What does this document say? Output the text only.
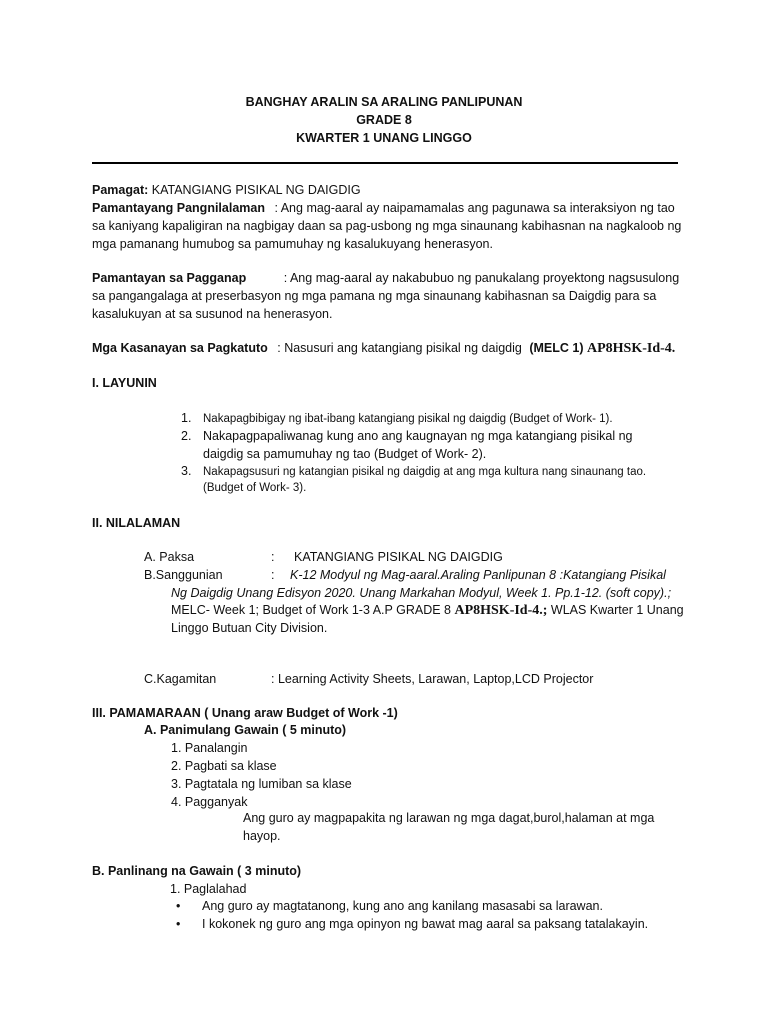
BANGHAY ARALIN SA ARALING PANLIPUNAN
GRADE 8
KWARTER 1 UNANG LINGGO
Pamagat: KATANGIANG PISIKAL NG DAIGDIG
Pamantayang Pangnilalaman : Ang mag-aaral ay naipamamalas ang pagunawa sa interaksiyon ng tao
sa kaniyang kapaligiran na nagbigay daan sa pag-usbong ng mga sinaunang kabihasnan na nagkaloob ng
mga pamanang humubog sa pamumuhay ng kasalukuyang henerasyon.
Pamantayan sa Pagganap	: Ang mag-aaral ay nakabubuo ng panukalang proyektong nagsusulong
sa pangangalaga at preserbasyon ng mga pamana ng mga sinaunang kabihasnan sa Daigdig para sa
kasalukuyan at sa susunod na henerasyon.
Mga Kasanayan sa Pagkatuto : Nasusuri ang katangiang pisikal ng daigdig (MELC 1) AP8HSK-Id-4.
I. LAYUNIN
1. Nakapagbibigay ng ibat-ibang katangiang pisikal ng daigdig (Budget of Work- 1).
2. Nakapagpapaliwanag kung ano ang kaugnayan ng mga katangiang pisikal ng
daigdig sa pamumuhay ng tao (Budget of Work- 2).
3. Nakapagsusuri ng katangian pisikal ng daigdig at ang mga kultura nang sinaunang tao.
(Budget of Work- 3).
II. NILALAMAN
A. Paksa	: KATANGIANG PISIKAL NG DAIGDIG
B.Sanggunian	: K-12 Modyul ng Mag-aaral.Araling Panlipunan 8 :Katangiang Pisikal
Ng Daigdig Unang Edisyon 2020. Unang Markahan Modyul, Week 1. Pp.1-12. (soft copy).;
MELC- Week 1; Budget of Work 1-3 A.P GRADE 8 AP8HSK-Id-4.; WLAS Kwarter 1 Unang
Linggo Butuan City Division.
C.Kagamitan	: Learning Activity Sheets, Larawan, Laptop,LCD Projector
III. PAMAMARAAN ( Unang araw Budget of Work -1)
A. Panimulang Gawain ( 5 minuto)
1. Panalangin
2. Pagbati sa klase
3. Pagtatala ng lumiban sa klase
4. Pagganyak
Ang guro ay magpapakita ng larawan ng mga dagat,burol,halaman at mga
hayop.
B. Panlinang na Gawain ( 3 minuto)
1. Paglalahad
• Ang guro ay magtatanong, kung ano ang kanilang masasabi sa larawan.
• I kokonek ng guro ang mga opinyon ng bawat mag aaral sa paksang tatalakayin.
